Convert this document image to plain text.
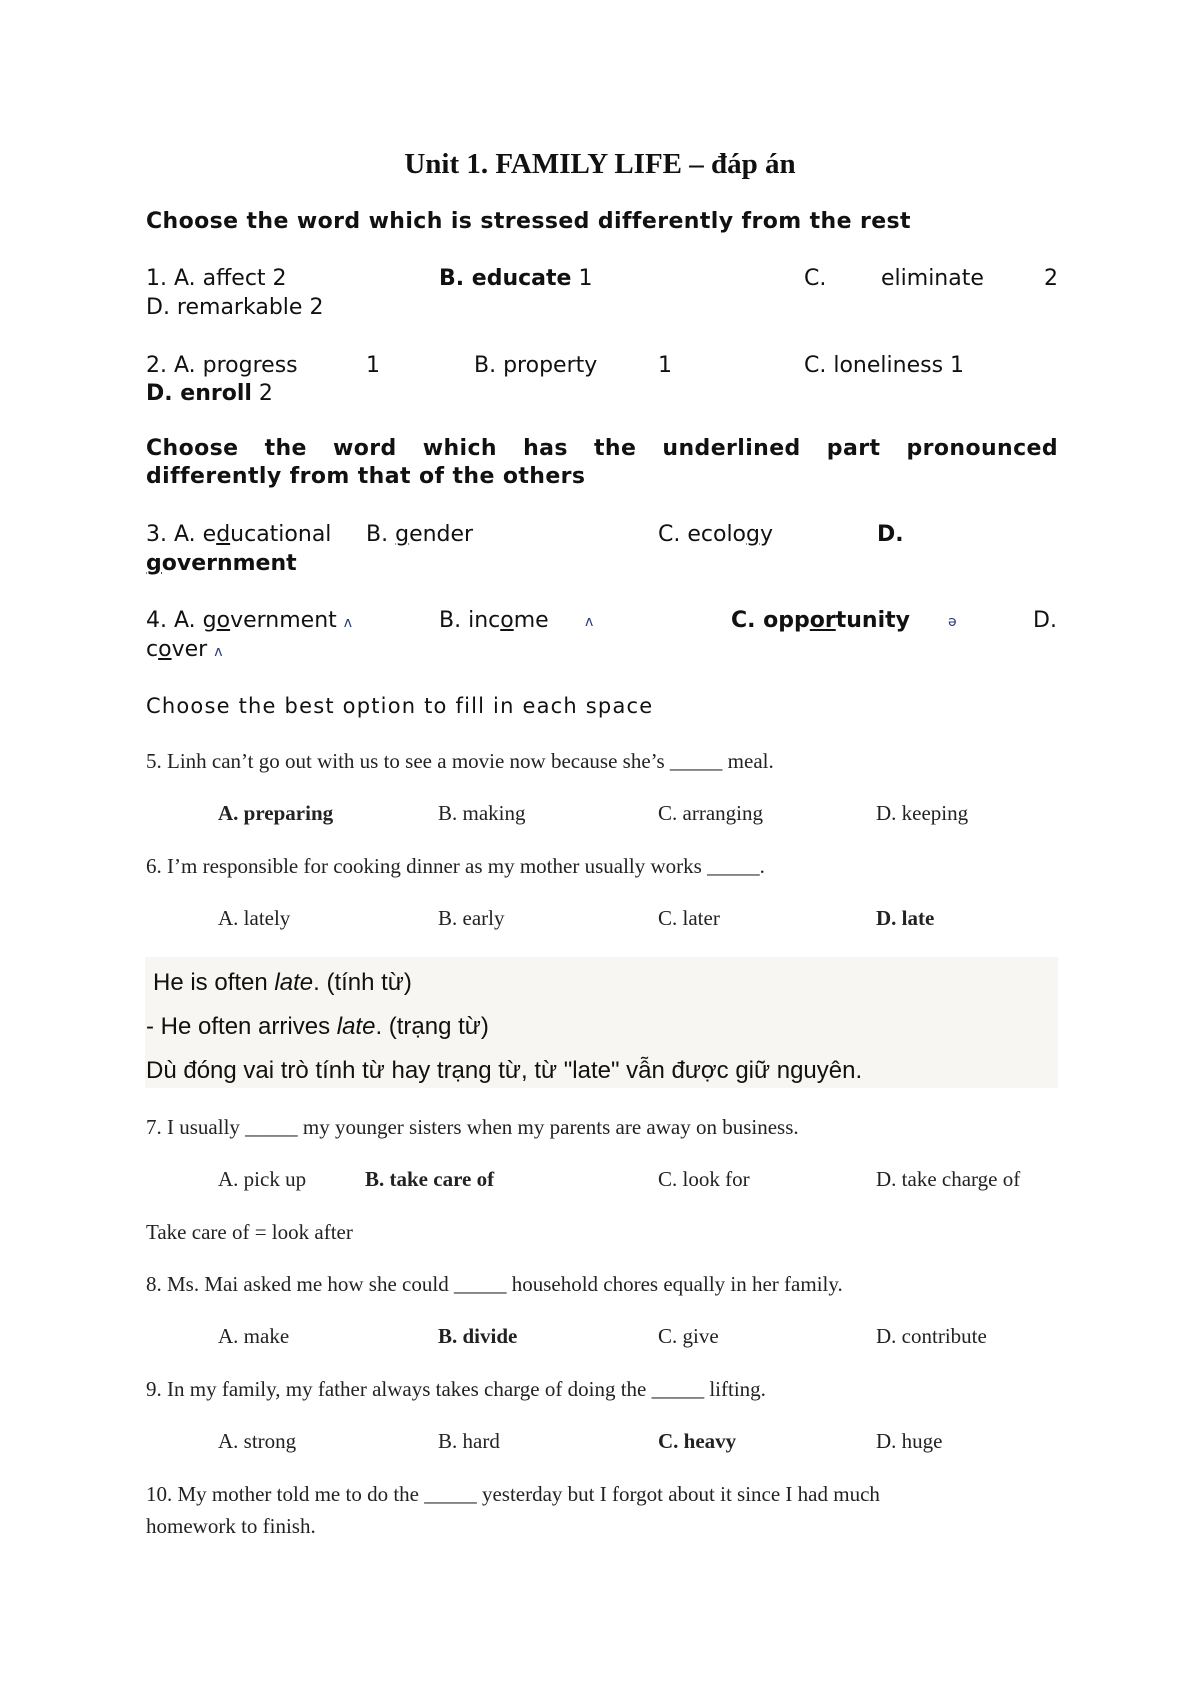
Unit 1. FAMILY LIFE – đáp án
Choose the word which is stressed differently from the rest
1. A. affect 2	B. educate 1	C. eliminate	2
D. remarkable 2
2. A. progress	1	B. property	1	C. loneliness 1
D. enroll 2
Choose the word which has the underlined part pronounced
differently from that of the others
3. A. educational B. gender	C. ecology	D.
government
4. A. government ʌ	B. income	ʌ	C. opportunity	ə	D.
cover ʌ
Choose the best option to fill in each space
5. Linh can’t go out with us to see a movie now because she’s _____ meal.
A. preparing	B. making	C. arranging	D. keeping
6. I’m responsible for cooking dinner as my mother usually works _____.
A. lately	B. early	C. later	D. late
He is often late. (tính từ)
- He often arrives late. (trạng từ)
Dù đóng vai trò tính từ hay trạng từ, từ "late" vẫn được giữ nguyên.
7. I usually _____ my younger sisters when my parents are away on business.
A. pick up	B. take care of	C. look for	D. take charge of
Take care of = look after
8. Ms. Mai asked me how she could _____ household chores equally in her family.
A. make	B. divide	C. give	D. contribute
9. In my family, my father always takes charge of doing the _____ lifting.
A. strong	B. hard	C. heavy	D. huge
10. My mother told me to do the _____ yesterday but I forgot about it since I had much
homework to finish.
